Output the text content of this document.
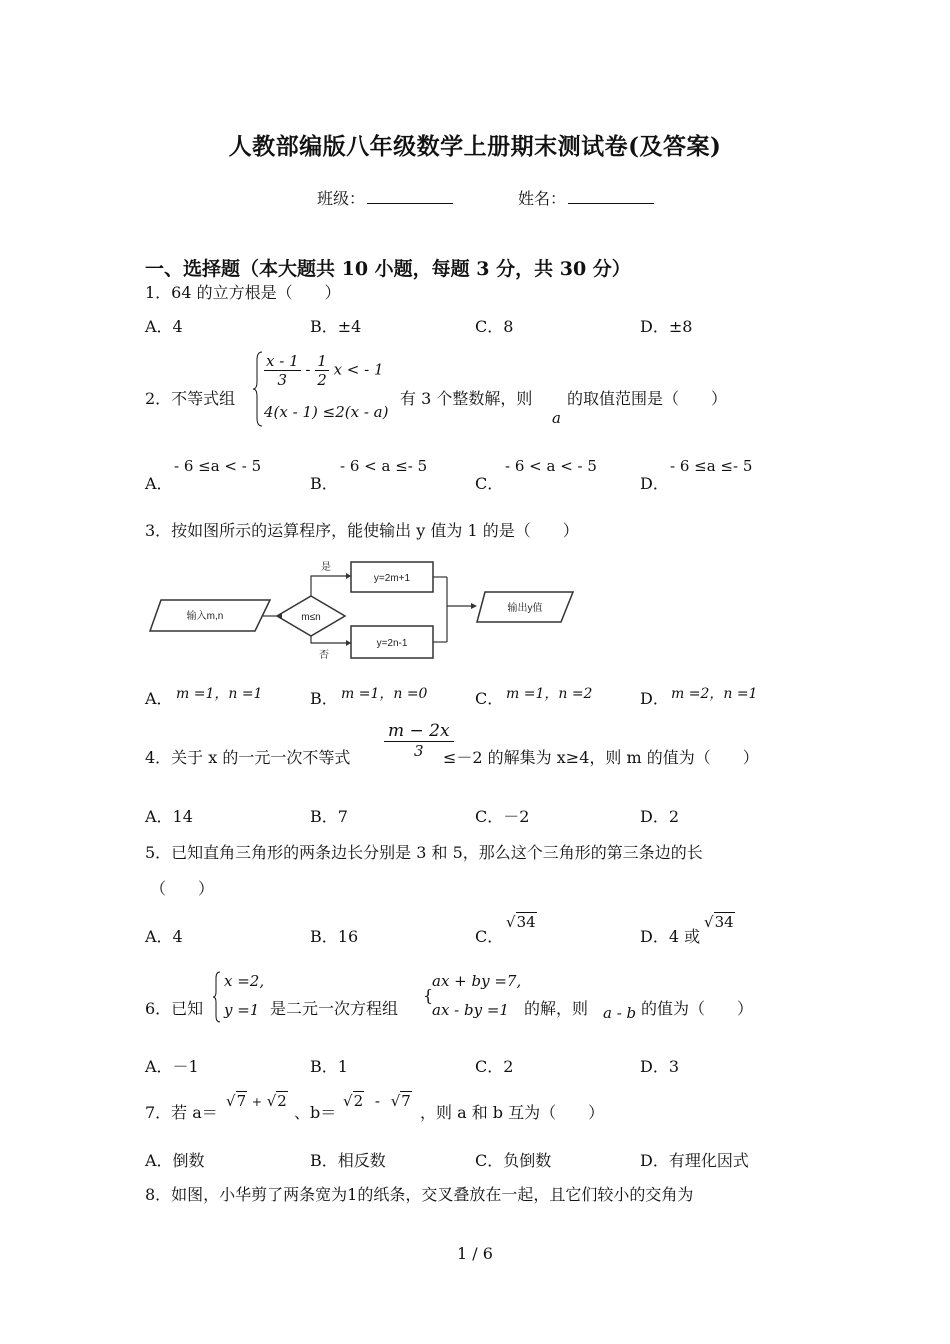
人教部编版八年级数学上册期末测试卷(及答案)
班级：	姓名：
一、选择题（本大题共 10 小题，每题 3 分，共 30 分）
1．64 的立方根是（　　）
A．4	B．±4	C．8	D．±8
2．不等式组
$\frac{x - 1}{3} - \frac{1}{2}$ x < - 1
4(x - 1) ≤2(x - a)
有 3 个整数解，则
a
的取值范围是（　　）
A．
- 6 ≤a < - 5
B．
- 6 < a ≤- 5
C．
- 6 < a < - 5
D．
- 6 ≤a ≤- 5
3．按如图所示的运算程序，能使输出 y 值为 1 的是（　　）
输入m,n	m≤n
是
否
y=2m+1
y=2n-1
输出y值
A． m =1，n =1	B． m =1，n =0	C． m =1，n =2	D． m =2，n =1
4．关于 x 的一元一次不等式 $\frac{m - 2x}{3}$
≤－2 的解集为 x≥4，则 m 的值为（　　）
A．14	B．7	C．－2	D．2
5．已知直角三角形的两条边长分别是 3 和 5，那么这个三角形的第三条边的长
（　　）
A．4	B．16	C．
√34
D．4 或
√34
6．已知
x =2,
y =1 是二元一次方程组
{
ax + by =7,
ax - by =1 的解，则 a - b 的值为（　　）
A．－1	B．1	C．2	D．3
7．若 a＝
√7 + √2
、b＝
√2 - √7
，则 a 和 b 互为（　　）
A．倒数	B．相反数	C．负倒数	D．有理化因式
8．如图，小华剪了两条宽为1的纸条，交叉叠放在一起，且它们较小的交角为
1 / 6
